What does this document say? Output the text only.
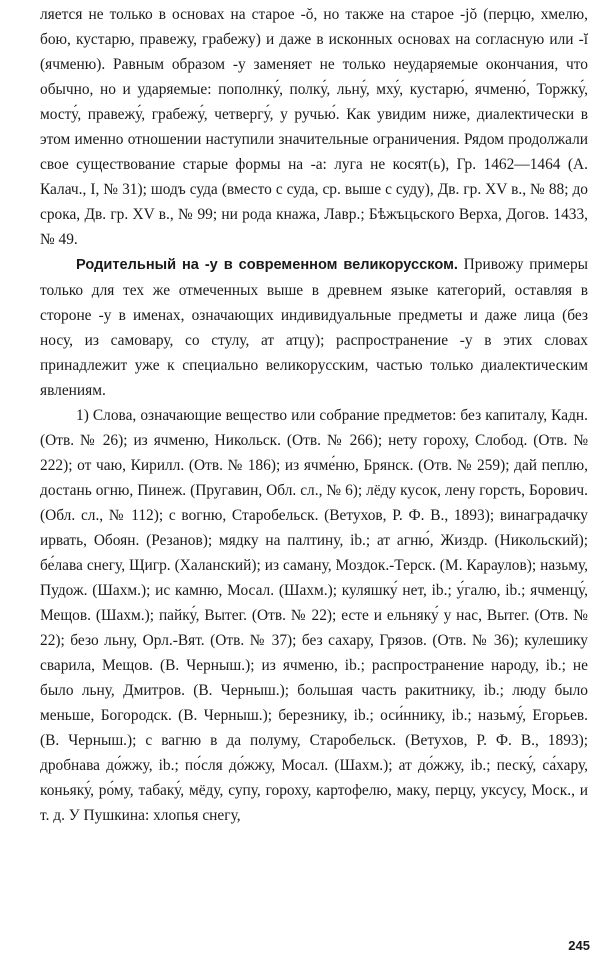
ляется не только в основах на старое -ŏ, но также на старое -jŏ (перцю, хмелю, бою, кустарю, правежу, грабежу) и даже в исконных основах на согласную или -ĭ (ячменю). Равным образом -у заменяет не только неударяемые окончания, что обычно, но и ударяемые: пополнку́, полку́, льну́, мху́, кустарю́, ячменю́, Торжку́, мосту́, правежу́, грабежу́, четвергу́, у ручью́. Как увидим ниже, диалектически в этом именно отношении наступили значительные ограничения. Рядом продолжали свое существование старые формы на -а: луга не косят(ь), Гр. 1462—1464 (А. Калач., I, № 31); шодъ суда (вместо с суда, ср. выше с суду), Дв. гр. XV в., № 88; до срока, Дв. гр. XV в., № 99; ни рода кнажа, Лавр.; Бѣжъцьского Верха, Догов. 1433, № 49.

Родительный на -у в современном великорусском. Привожу примеры только для тех же отмеченных выше в древнем языке категорий, оставляя в стороне -у в именах, означающих индивидуальные предметы и даже лица (без носу, из самовару, со стулу, ат атцу); распространение -у в этих словах принадлежит уже к специально великорусским, частью только диалектическим явлениям.

1) Слова, означающие вещество или собрание предметов: без капиталу, Кадн. (Отв. № 26); из ячменю, Никольск. (Отв. № 266); нету гороху, Слобод. (Отв. № 222); от чаю, Кирилл. (Отв. № 186); из ячме́ню, Брянск. (Отв. № 259); дай пеплю, достань огню, Пинеж. (Пругавин, Обл. сл., № 6); лёду кусок, лену горсть, Борович. (Обл. сл., № 112); с вогню, Старобельск. (Ветухов, Р. Ф. В., 1893); винаградачку ирвать, Обоян. (Резанов); мядку на палтину, ib.; ат агню́, Жиздр. (Никольский); бе́лава снегу, Щигр. (Халанский); из саману, Моздок.-Терск. (М. Караулов); назьму, Пудож. (Шахм.); ис камню, Мосал. (Шахм.); куляшку́ нет, ib.; у́галю, ib.; ячменцу́, Мещов. (Шахм.); пайку́, Вытег. (Отв. № 22); есте и ельняку́ у нас, Вытег. (Отв. № 22); безо льну, Орл.-Вят. (Отв. № 37); без сахару, Грязов. (Отв. № 36); кулешику сварила, Мещов. (В. Черныш.); из ячменю, ib.; распространение народу, ib.; не было льну, Дмитров. (В. Черныш.); большая часть ракитнику, ib.; люду было меньше, Богородск. (В. Черныш.); березнику, ib.; оси́ннику, ib.; назьму́, Егорьев. (В. Черныш.); с вагню в да полуму, Старобельск. (Ветухов, Р. Ф. В., 1893); дробнава до́жжу, ib.; по́сля до́жжу, Мосал. (Шахм.); ат до́жжу, ib.; песку́, са́хару, коньяку́, ро́му, табаку́, мёду, супу, гороху, картофелю, маку, перцу, уксусу, Моск., и т. д. У Пушкина: хлопья снегу,

245
